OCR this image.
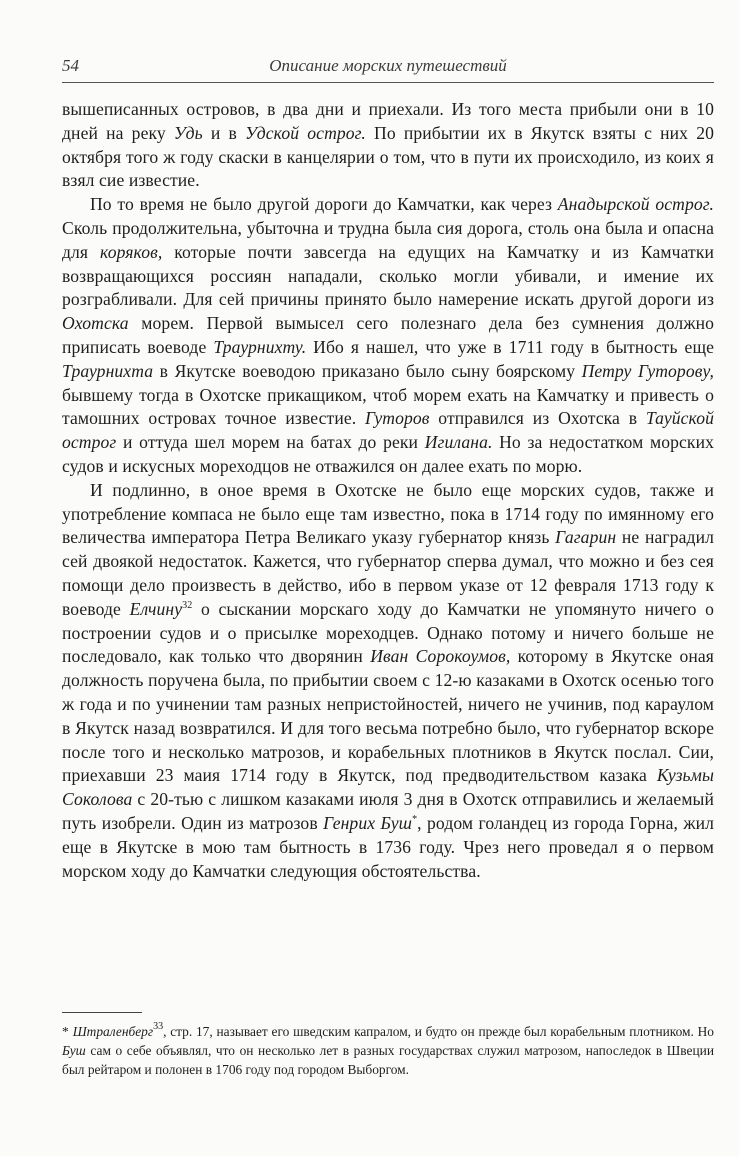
54	Описание морских путешествий

вышеписанных островов, в два дни и приехали. Из того места прибыли они в 10 дней на реку Удь и в Удской острог. По прибытии их в Якутск взяты с них 20 октября того ж году скаски в канцелярии о том, что в пути их происходило, из коих я взял сие известие.

По то время не было другой дороги до Камчатки, как через Анадырской острог. Сколь продолжительна, убыточна и трудна была сия дорога, столь она была и опасна для коряков, которые почти завсегда на едущих на Камчатку и из Камчатки возвращающихся россиян нападали, сколько могли убивали, и имение их розграбливали. Для сей причины принято было намерение искать другой дороги из Охотска морем. Первой вымысел сего полезнаго дела без сумнения должно приписать воеводе Траурнихту. Ибо я нашел, что уже в 1711 году в бытность еще Траурнихта в Якутске воеводою приказано было сыну боярскому Петру Гуторову, бывшему тогда в Охотске прикащиком, чтоб морем ехать на Камчатку и привесть о тамошних островах точное известие. Гуторов отправился из Охотска в Тауйской острог и оттуда шел морем на батах до реки Игилана. Но за недостатком морских судов и искусных мореходцов не отважился он далее ехать по морю.

И подлинно, в оное время в Охотске не было еще морских судов, также и употребление компаса не было еще там известно, пока в 1714 году по имянному его величества императора Петра Великаго указу губернатор князь Гагарин не наградил сей двоякой недостаток. Кажется, что губернатор сперва думал, что можно и без сея помощи дело произвесть в действо, ибо в первом указе от 12 февраля 1713 году к воеводе Елчину$^{32}$ о сыскании морскаго ходу до Камчатки не упомянуто ничего о построении судов и о присылке мореходцев. Однако потому и ничего больше не последовало, как только что дворянин Иван Сорокоумов, которому в Якутске оная должность поручена была, по прибытии своем с 12-ю казаками в Охотск осенью того ж года и по учинении там разных непристойностей, ничего не учинив, под караулом в Якутск назад возвратился. И для того весьма потребно было, что губернатор вскоре после того и несколько матрозов, и корабельных плотников в Якутск послал. Сии, приехавши 23 маия 1714 году в Якутск, под предводительством казака Кузьмы Соколова с 20-тью с лишком казаками июля 3 дня в Охотск отправились и желаемый путь изобрели. Один из матрозов Генрих Буш*, родом голандец из города Горна, жил еще в Якутске в мою там бытность в 1736 году. Чрез него проведал я о первом морском ходу до Камчатки следующия обстоятельства.

* Штраленберг$^{33}$, стр. 17, называет его шведским капралом, и будто он прежде был корабельным плотником. Но Буш сам о себе объявлял, что он несколько лет в разных государствах служил матрозом, напоследок в Швеции был рейтаром и полонен в 1706 году под городом Выборгом.
